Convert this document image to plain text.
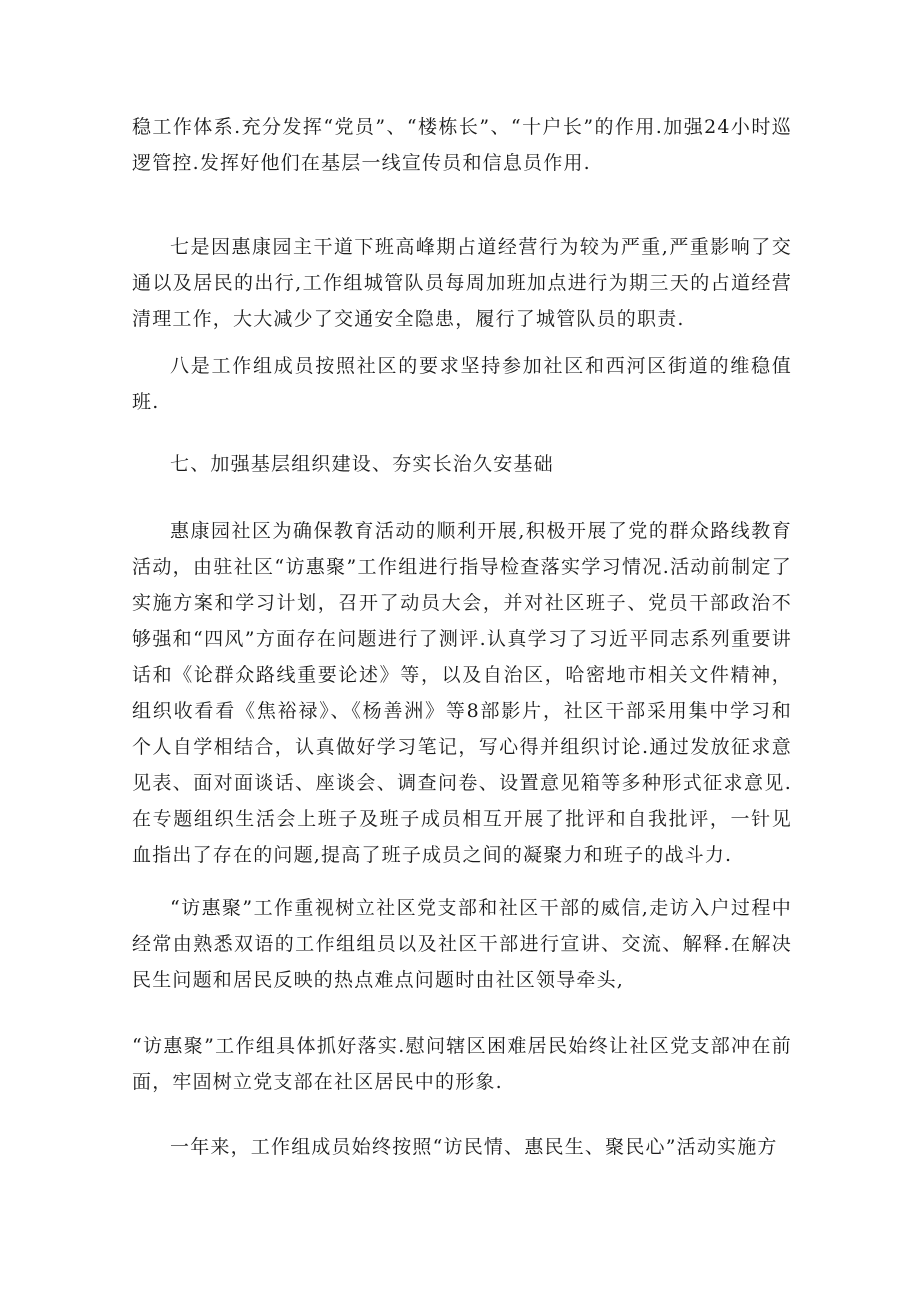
稳工作体系.充分发挥“党员”、“楼栋长”、“十户长”的作用.加强24小时巡逻管控.发挥好他们在基层一线宣传员和信息员作用.

七是因惠康园主干道下班高峰期占道经营行为较为严重,严重影响了交通以及居民的出行,工作组城管队员每周加班加点进行为期三天的占道经营清理工作，大大减少了交通安全隐患，履行了城管队员的职责.

八是工作组成员按照社区的要求坚持参加社区和西河区街道的维稳值班.

七、加强基层组织建设、夯实长治久安基础

惠康园社区为确保教育活动的顺利开展,积极开展了党的群众路线教育活动，由驻社区“访惠聚”工作组进行指导检查落实学习情况.活动前制定了实施方案和学习计划，召开了动员大会，并对社区班子、党员干部政治不够强和“四风”方面存在问题进行了测评.认真学习了习近平同志系列重要讲话和《论群众路线重要论述》等，以及自治区，哈密地市相关文件精神，组织收看看《焦裕禄》、《杨善洲》等8部影片，社区干部采用集中学习和个人自学相结合，认真做好学习笔记，写心得并组织讨论.通过发放征求意见表、面对面谈话、座谈会、调查问卷、设置意见箱等多种形式征求意见.在专题组织生活会上班子及班子成员相互开展了批评和自我批评，一针见血指出了存在的问题,提高了班子成员之间的凝聚力和班子的战斗力.

“访惠聚”工作重视树立社区党支部和社区干部的威信,走访入户过程中经常由熟悉双语的工作组组员以及社区干部进行宣讲、交流、解释.在解决民生问题和居民反映的热点难点问题时由社区领导牵头,

“访惠聚”工作组具体抓好落实.慰问辖区困难居民始终让社区党支部冲在前面，牢固树立党支部在社区居民中的形象.

一年来，工作组成员始终按照“访民情、惠民生、聚民心”活动实施方
